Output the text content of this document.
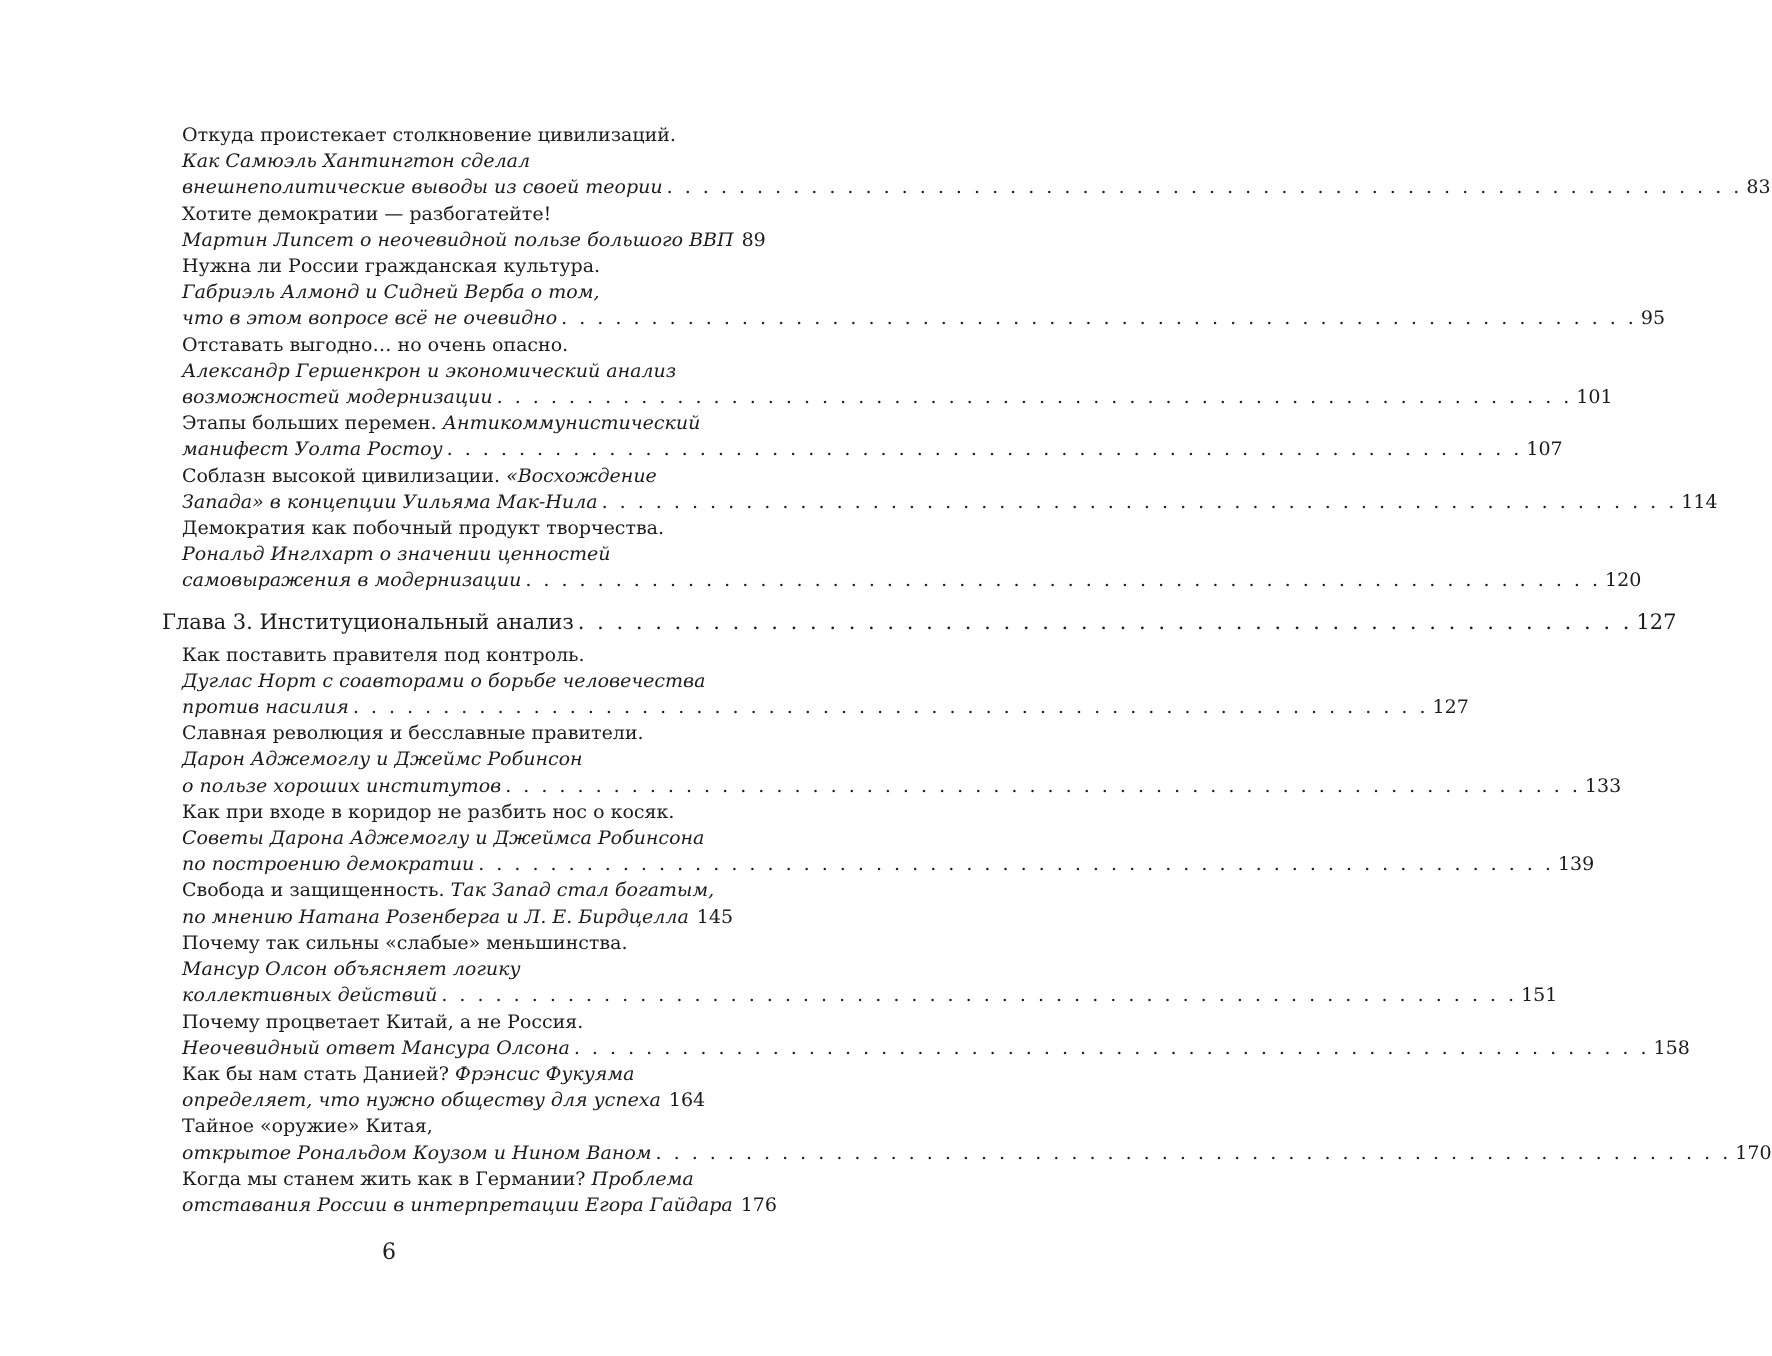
Откуда проистекает столкновение цивилизаций.
Как Самюэль Хантингтон сделал
внешнеполитические выводы из своей теории . . . . . . . . . . . . . . . . . . . . . . . . . . . . . . . . . . . . . . . . . . . . . . . . . . . . . . . . . . . . 83
Хотите демократии — разбогатейте!
Мартин Липсет о неочевидной пользе большого ВВП 89
Нужна ли России гражданская культура.
Габриэль Алмонд и Сидней Верба о том,
что в этом вопросе всё не очевидно . . . . . . . . . . . . . . . . . . . . . . . . . . . . . . . . . . . . . . . . . . . . . . . . . . . . . . . . . . . . 95
Отставать выгодно… но очень опасно.
Александр Гершенкрон и экономический анализ
возможностей модернизации . . . . . . . . . . . . . . . . . . . . . . . . . . . . . . . . . . . . . . . . . . . . . . . . . . . . . . . . . . . . 101
Этапы больших перемен. Антикоммунистический
манифест Уолта Ростоу . . . . . . . . . . . . . . . . . . . . . . . . . . . . . . . . . . . . . . . . . . . . . . . . . . . . . . . . . . . . 107
Соблазн высокой цивилизации. «Восхождение
Запада» в концепции Уильяма Мак-Нила . . . . . . . . . . . . . . . . . . . . . . . . . . . . . . . . . . . . . . . . . . . . . . . . . . . . . . . . . . . . 114
Демократия как побочный продукт творчества.
Рональд Инглхарт о значении ценностей
самовыражения в модернизации . . . . . . . . . . . . . . . . . . . . . . . . . . . . . . . . . . . . . . . . . . . . . . . . . . . . . . . . . . . . 120
Глава 3. Институциональный анализ . . . . . . . . . . . . . . . . . . . . . . . . . . . . . . . . . . . . . . . . . . . . . . . . . . . . . . . 127
Как поставить правителя под контроль.
Дуглас Норт с соавторами о борьбе человечества
против насилия . . . . . . . . . . . . . . . . . . . . . . . . . . . . . . . . . . . . . . . . . . . . . . . . . . . . . . . . . . . . 127
Славная революция и бесславные правители.
Дарон Аджемоглу и Джеймс Робинсон
о пользе хороших институтов . . . . . . . . . . . . . . . . . . . . . . . . . . . . . . . . . . . . . . . . . . . . . . . . . . . . . . . . . . . . 133
Как при входе в коридор не разбить нос о косяк.
Советы Дарона Аджемоглу и Джеймса Робинсона
по построению демократии . . . . . . . . . . . . . . . . . . . . . . . . . . . . . . . . . . . . . . . . . . . . . . . . . . . . . . . . . . . . 139
Свобода и защищенность. Так Запад стал богатым,
по мнению Натана Розенберга и Л. Е. Бирдцелла 145
Почему так сильны «слабые» меньшинства.
Мансур Олсон объясняет логику
коллективных действий . . . . . . . . . . . . . . . . . . . . . . . . . . . . . . . . . . . . . . . . . . . . . . . . . . . . . . . . . . . . 151
Почему процветает Китай, а не Россия.
Неочевидный ответ Мансура Олсона . . . . . . . . . . . . . . . . . . . . . . . . . . . . . . . . . . . . . . . . . . . . . . . . . . . . . . . . . . . . 158
Как бы нам стать Данией? Фрэнсис Фукуяма
определяет, что нужно обществу для успеха 164
Тайное «оружие» Китая,
открытое Рональдом Коузом и Нином Ваном . . . . . . . . . . . . . . . . . . . . . . . . . . . . . . . . . . . . . . . . . . . . . . . . . . . . . . . . . . . . 170
Когда мы станем жить как в Германии? Проблема
отставания России в интерпретации Егора Гайдара 176
6
